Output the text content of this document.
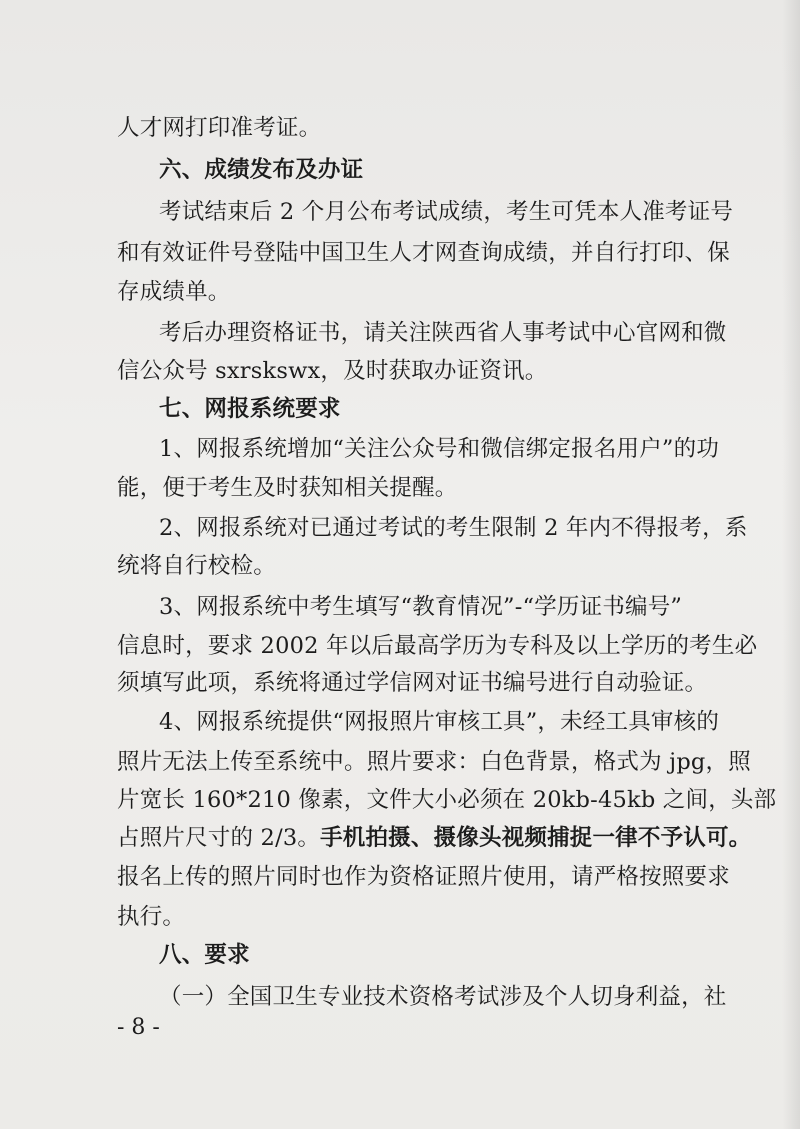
人才网打印准考证。
六、成绩发布及办证
考试结束后 2 个月公布考试成绩，考生可凭本人准考证号
和有效证件号登陆中国卫生人才网查询成绩，并自行打印、保
存成绩单。
考后办理资格证书，请关注陕西省人事考试中心官网和微
信公众号 sxrskswx，及时获取办证资讯。
七、网报系统要求
1、网报系统增加“关注公众号和微信绑定报名用户”的功
能，便于考生及时获知相关提醒。
2、网报系统对已通过考试的考生限制 2 年内不得报考，系
统将自行校检。
3、网报系统中考生填写“教育情况”-“学历证书编号”
信息时，要求 2002 年以后最高学历为专科及以上学历的考生必
须填写此项，系统将通过学信网对证书编号进行自动验证。
4、网报系统提供“网报照片审核工具”，未经工具审核的
照片无法上传至系统中。照片要求：白色背景，格式为 jpg，照
片宽长 160*210 像素，文件大小必须在 20kb-45kb 之间，头部
占照片尺寸的 2/3。手机拍摄、摄像头视频捕捉一律不予认可。
报名上传的照片同时也作为资格证照片使用，请严格按照要求
执行。
八、要求
（一）全国卫生专业技术资格考试涉及个人切身利益，社
- 8 -
